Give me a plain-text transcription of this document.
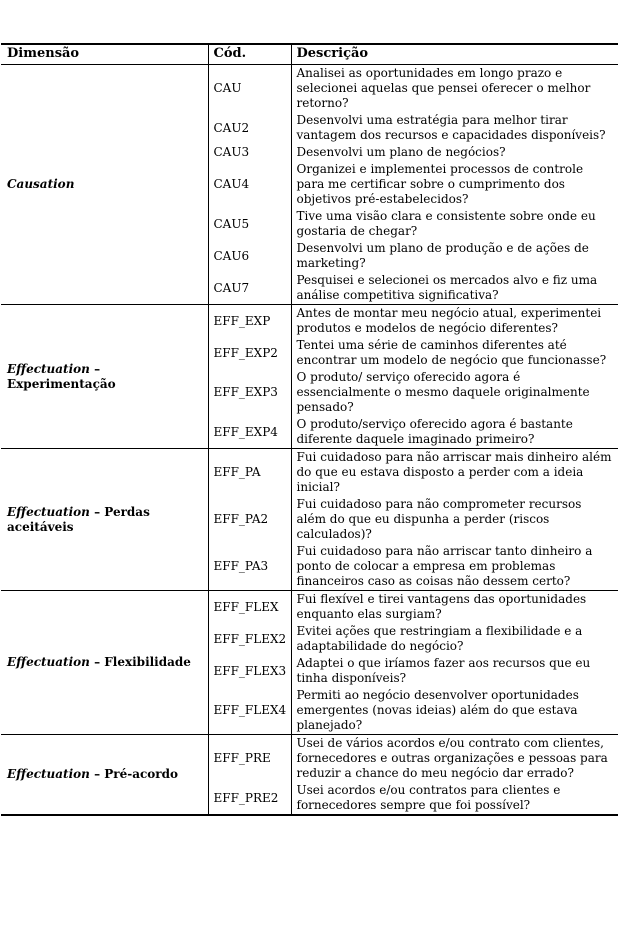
Dimensão	Cód.	Descrição
Causation	CAU	Analisei as oportunidades em longo prazo e selecionei aquelas que pensei oferecer o melhor retorno?
	CAU2	Desenvolvi uma estratégia para melhor tirar vantagem dos recursos e capacidades disponíveis?
	CAU3	Desenvolvi um plano de negócios?
	CAU4	Organizei e implementei processos de controle para me certificar sobre o cumprimento dos objetivos pré-estabelecidos?
	CAU5	Tive uma visão clara e consistente sobre onde eu gostaria de chegar?
	CAU6	Desenvolvi um plano de produção e de ações de marketing?
	CAU7	Pesquisei e selecionei os mercados alvo e fiz uma análise competitiva significativa?
Effectuation – Experimentação	EFF_EXP	Antes de montar meu negócio atual, experimentei produtos e modelos de negócio diferentes?
	EFF_EXP2	Tentei uma série de caminhos diferentes até encontrar um modelo de negócio que funcionasse?
	EFF_EXP3	O produto/ serviço oferecido agora é essencialmente o mesmo daquele originalmente pensado?
	EFF_EXP4	O produto/serviço oferecido agora é bastante diferente daquele imaginado primeiro?
Effectuation – Perdas aceitáveis	EFF_PA	Fui cuidadoso para não arriscar mais dinheiro além do que eu estava disposto a perder com a ideia inicial?
	EFF_PA2	Fui cuidadoso para não comprometer recursos além do que eu dispunha a perder (riscos calculados)?
	EFF_PA3	Fui cuidadoso para não arriscar tanto dinheiro a ponto de colocar a empresa em problemas financeiros caso as coisas não dessem certo?
Effectuation – Flexibilidade	EFF_FLEX	Fui flexível e tirei vantagens das oportunidades enquanto elas surgiam?
	EFF_FLEX2	Evitei ações que restringiam a flexibilidade e a adaptabilidade do negócio?
	EFF_FLEX3	Adaptei o que iríamos fazer aos recursos que eu tinha disponíveis?
	EFF_FLEX4	Permiti ao negócio desenvolver oportunidades emergentes (novas ideias) além do que estava planejado?
Effectuation – Pré-acordo	EFF_PRE	Usei de vários acordos e/ou contrato com clientes, fornecedores e outras organizações e pessoas para reduzir a chance do meu negócio dar errado?
	EFF_PRE2	Usei acordos e/ou contratos para clientes e fornecedores sempre que foi possível?
